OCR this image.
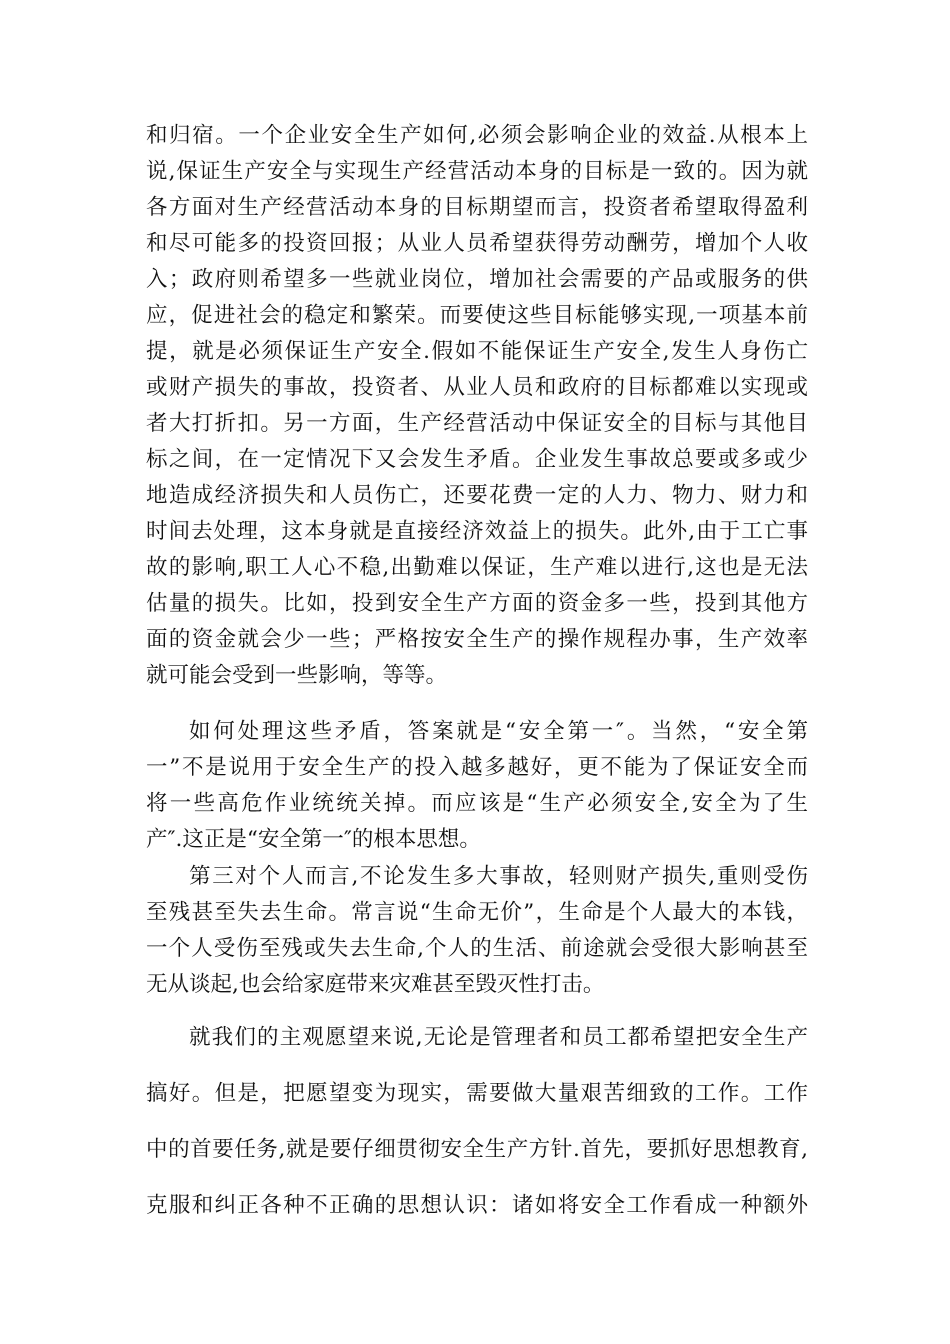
和归宿。一个企业安全生产如何,必须会影响企业的效益.从根本上
说,保证生产安全与实现生产经营活动本身的目标是一致的。因为就
各方面对生产经营活动本身的目标期望而言，投资者希望取得盈利
和尽可能多的投资回报；从业人员希望获得劳动酬劳，增加个人收
入；政府则希望多一些就业岗位，增加社会需要的产品或服务的供
应，促进社会的稳定和繁荣。而要使这些目标能够实现,一项基本前
提，就是必须保证生产安全.假如不能保证生产安全,发生人身伤亡
或财产损失的事故，投资者、从业人员和政府的目标都难以实现或
者大打折扣。另一方面，生产经营活动中保证安全的目标与其他目
标之间，在一定情况下又会发生矛盾。企业发生事故总要或多或少
地造成经济损失和人员伤亡，还要花费一定的人力、物力、财力和
时间去处理，这本身就是直接经济效益上的损失。此外,由于工亡事
故的影响,职工人心不稳,出勤难以保证，生产难以进行,这也是无法
估量的损失。比如，投到安全生产方面的资金多一些，投到其他方
面的资金就会少一些；严格按安全生产的操作规程办事，生产效率
就可能会受到一些影响，等等。
如何处理这些矛盾，答案就是“安全第一″。当然，“安全第
一”不是说用于安全生产的投入越多越好，更不能为了保证安全而
将一些高危作业统统关掉。而应该是“生产必须安全,安全为了生
产″.这正是“安全第一″的根本思想。
第三对个人而言,不论发生多大事故，轻则财产损失,重则受伤
至残甚至失去生命。常言说“生命无价”，生命是个人最大的本钱，
一个人受伤至残或失去生命,个人的生活、前途就会受很大影响甚至
无从谈起,也会给家庭带来灾难甚至毁灭性打击。
就我们的主观愿望来说,无论是管理者和员工都希望把安全生产
搞好。但是，把愿望变为现实，需要做大量艰苦细致的工作。工作
中的首要任务,就是要仔细贯彻安全生产方针.首先，要抓好思想教育,
克服和纠正各种不正确的思想认识：诸如将安全工作看成一种额外
